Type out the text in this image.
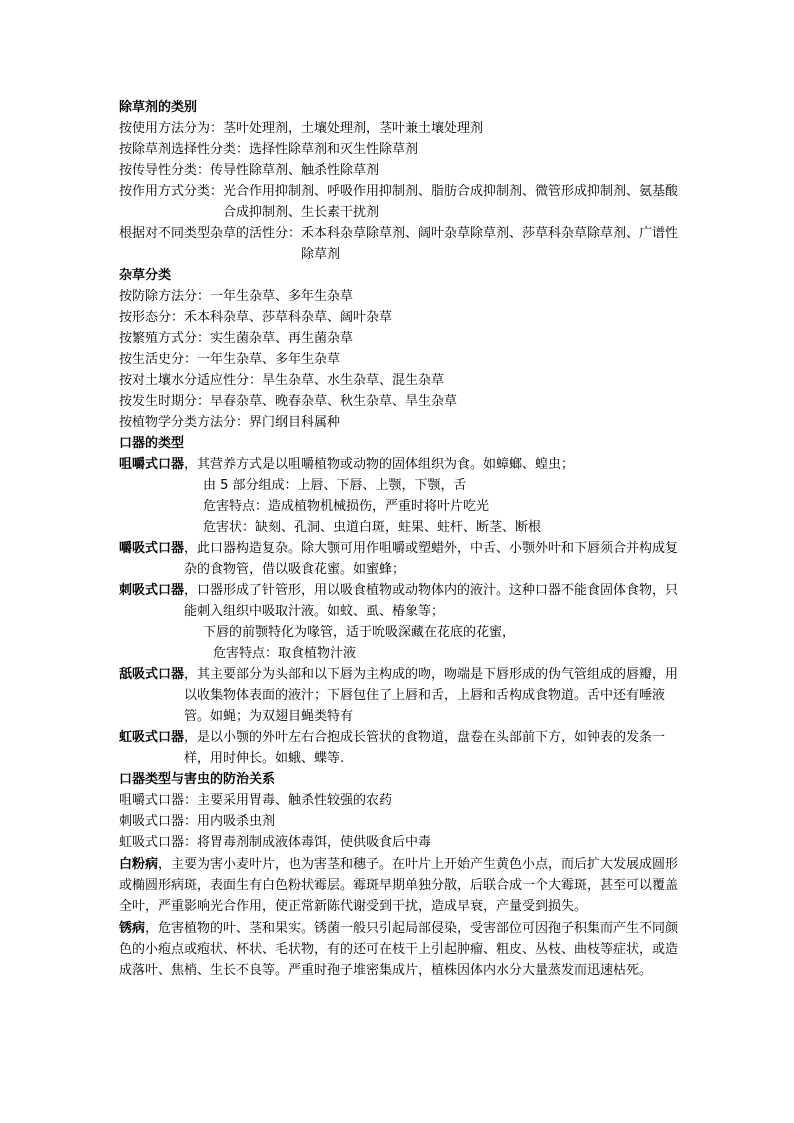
除草剂的类别
按使用方法分为：茎叶处理剂，土壤处理剂，茎叶兼土壤处理剂
按除草剂选择性分类：选择性除草剂和灭生性除草剂
按传导性分类：传导性除草剂、触杀性除草剂
按作用方式分类： 光合作用抑制剂、呼吸作用抑制剂、脂肪合成抑制剂、微管形成抑制剂、氨基酸合成抑制剂、生长素干扰剂
根据对不同类型杂草的活性分： 禾本科杂草除草剂、阔叶杂草除草剂、莎草科杂草除草剂、广谱性除草剂
杂草分类
按防除方法分：一年生杂草、多年生杂草
按形态分：禾本科杂草、莎草科杂草、阔叶杂草
按繁殖方式分：实生菌杂草、再生菌杂草
按生活史分：一年生杂草、多年生杂草
按对土壤水分适应性分：旱生杂草、水生杂草、混生杂草
按发生时期分：早春杂草、晚春杂草、秋生杂草、旱生杂草
按植物学分类方法分：界门纲目科属种
口器的类型
咀嚼式口器 ，其营养方式是以咀嚼植物或动物的固体组织为食。如蟑螂、蝗虫；
由 5 部分组成：上唇、下唇、上颚，下颚，舌
危害特点：造成植物机械损伤，严重时将叶片吃光
危害状：缺刻、孔洞、虫道白斑，蛀果、蛀杆、断茎、断根
嚼吸式口器 ，此口器构造复杂。除大颚可用作咀嚼或塑蜡外，中舌、小颚外叶和下唇须合并构成复杂的食物管，借以吸食花蜜。如蜜蜂；
刺吸式口器 ，口器形成了针管形，用以吸食植物或动物体内的液汁。这种口器不能食固体食物，只能刺入组织中吸取汁液。如蚊、虱、椿象等；
下唇的前颚特化为喙管，适于吮吸深藏在花底的花蜜，
危害特点：取食植物汁液
舐吸式口器 ，其主要部分为头部和以下唇为主构成的吻，吻端是下唇形成的伪气管组成的唇瓣，用以收集物体表面的液汁；下唇包住了上唇和舌，上唇和舌构成食物道。舌中还有唾液管。如蝇；为双翅目蝇类特有
虹吸式口器 ，是以小颚的外叶左右合抱成长管状的食物道，盘卷在头部前下方，如钟表的发条一样，用时伸长。如蛾、蝶等.
口器类型与害虫的防治关系
咀嚼式口器：主要采用胃毒、触杀性较强的农药
刺吸式口器：用内吸杀虫剂
虹吸式口器：将胃毒剂制成液体毒饵，使供吸食后中毒
白粉病，主要为害小麦叶片，也为害茎和穗子。在叶片上开始产生黄色小点，而后扩大发展成圆形或椭圆形病斑，表面生有白色粉状霉层。霉斑早期单独分散，后联合成一个大霉斑，甚至可以覆盖全叶，严重影响光合作用，使正常新陈代谢受到干扰，造成早衰，产量受到损失。
锈病，危害植物的叶、茎和果实。锈菌一般只引起局部侵染，受害部位可因孢子积集而产生不同颜色的小疱点或疱状、杯状、毛状物，有的还可在枝干上引起肿瘤、粗皮、丛枝、曲枝等症状，或造成落叶、焦梢、生长不良等。严重时孢子堆密集成片，植株因体内水分大量蒸发而迅速枯死。
